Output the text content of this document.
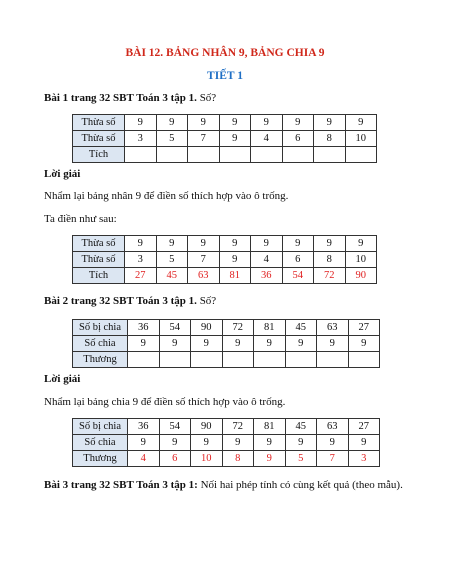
BÀI 12. BẢNG NHÂN 9, BẢNG CHIA 9
TIẾT 1
Bài 1 trang 32 SBT Toán 3 tập 1. Số?
Thừa số	9	9	9	9	9	9	9	9
Thừa số	3	5	7	9	4	6	8	10
Tích								
Lời giải
Nhẩm lại bảng nhân 9 để điền số thích hợp vào ô trống.
Ta điền như sau:
Thừa số	9	9	9	9	9	9	9	9
Thừa số	3	5	7	9	4	6	8	10
Tích	27	45	63	81	36	54	72	90
Bài 2 trang 32 SBT Toán 3 tập 1. Số?
Số bị chia	36	54	90	72	81	45	63	27
Số chia	9	9	9	9	9	9	9	9
Thương								
Lời giải
Nhẩm lại bảng chia 9 để điền số thích hợp vào ô trống.
Số bị chia	36	54	90	72	81	45	63	27
Số chia	9	9	9	9	9	9	9	9
Thương	4	6	10	8	9	5	7	3
Bài 3 trang 32 SBT Toán 3 tập 1: Nối hai phép tính có cùng kết quả (theo mẫu).
